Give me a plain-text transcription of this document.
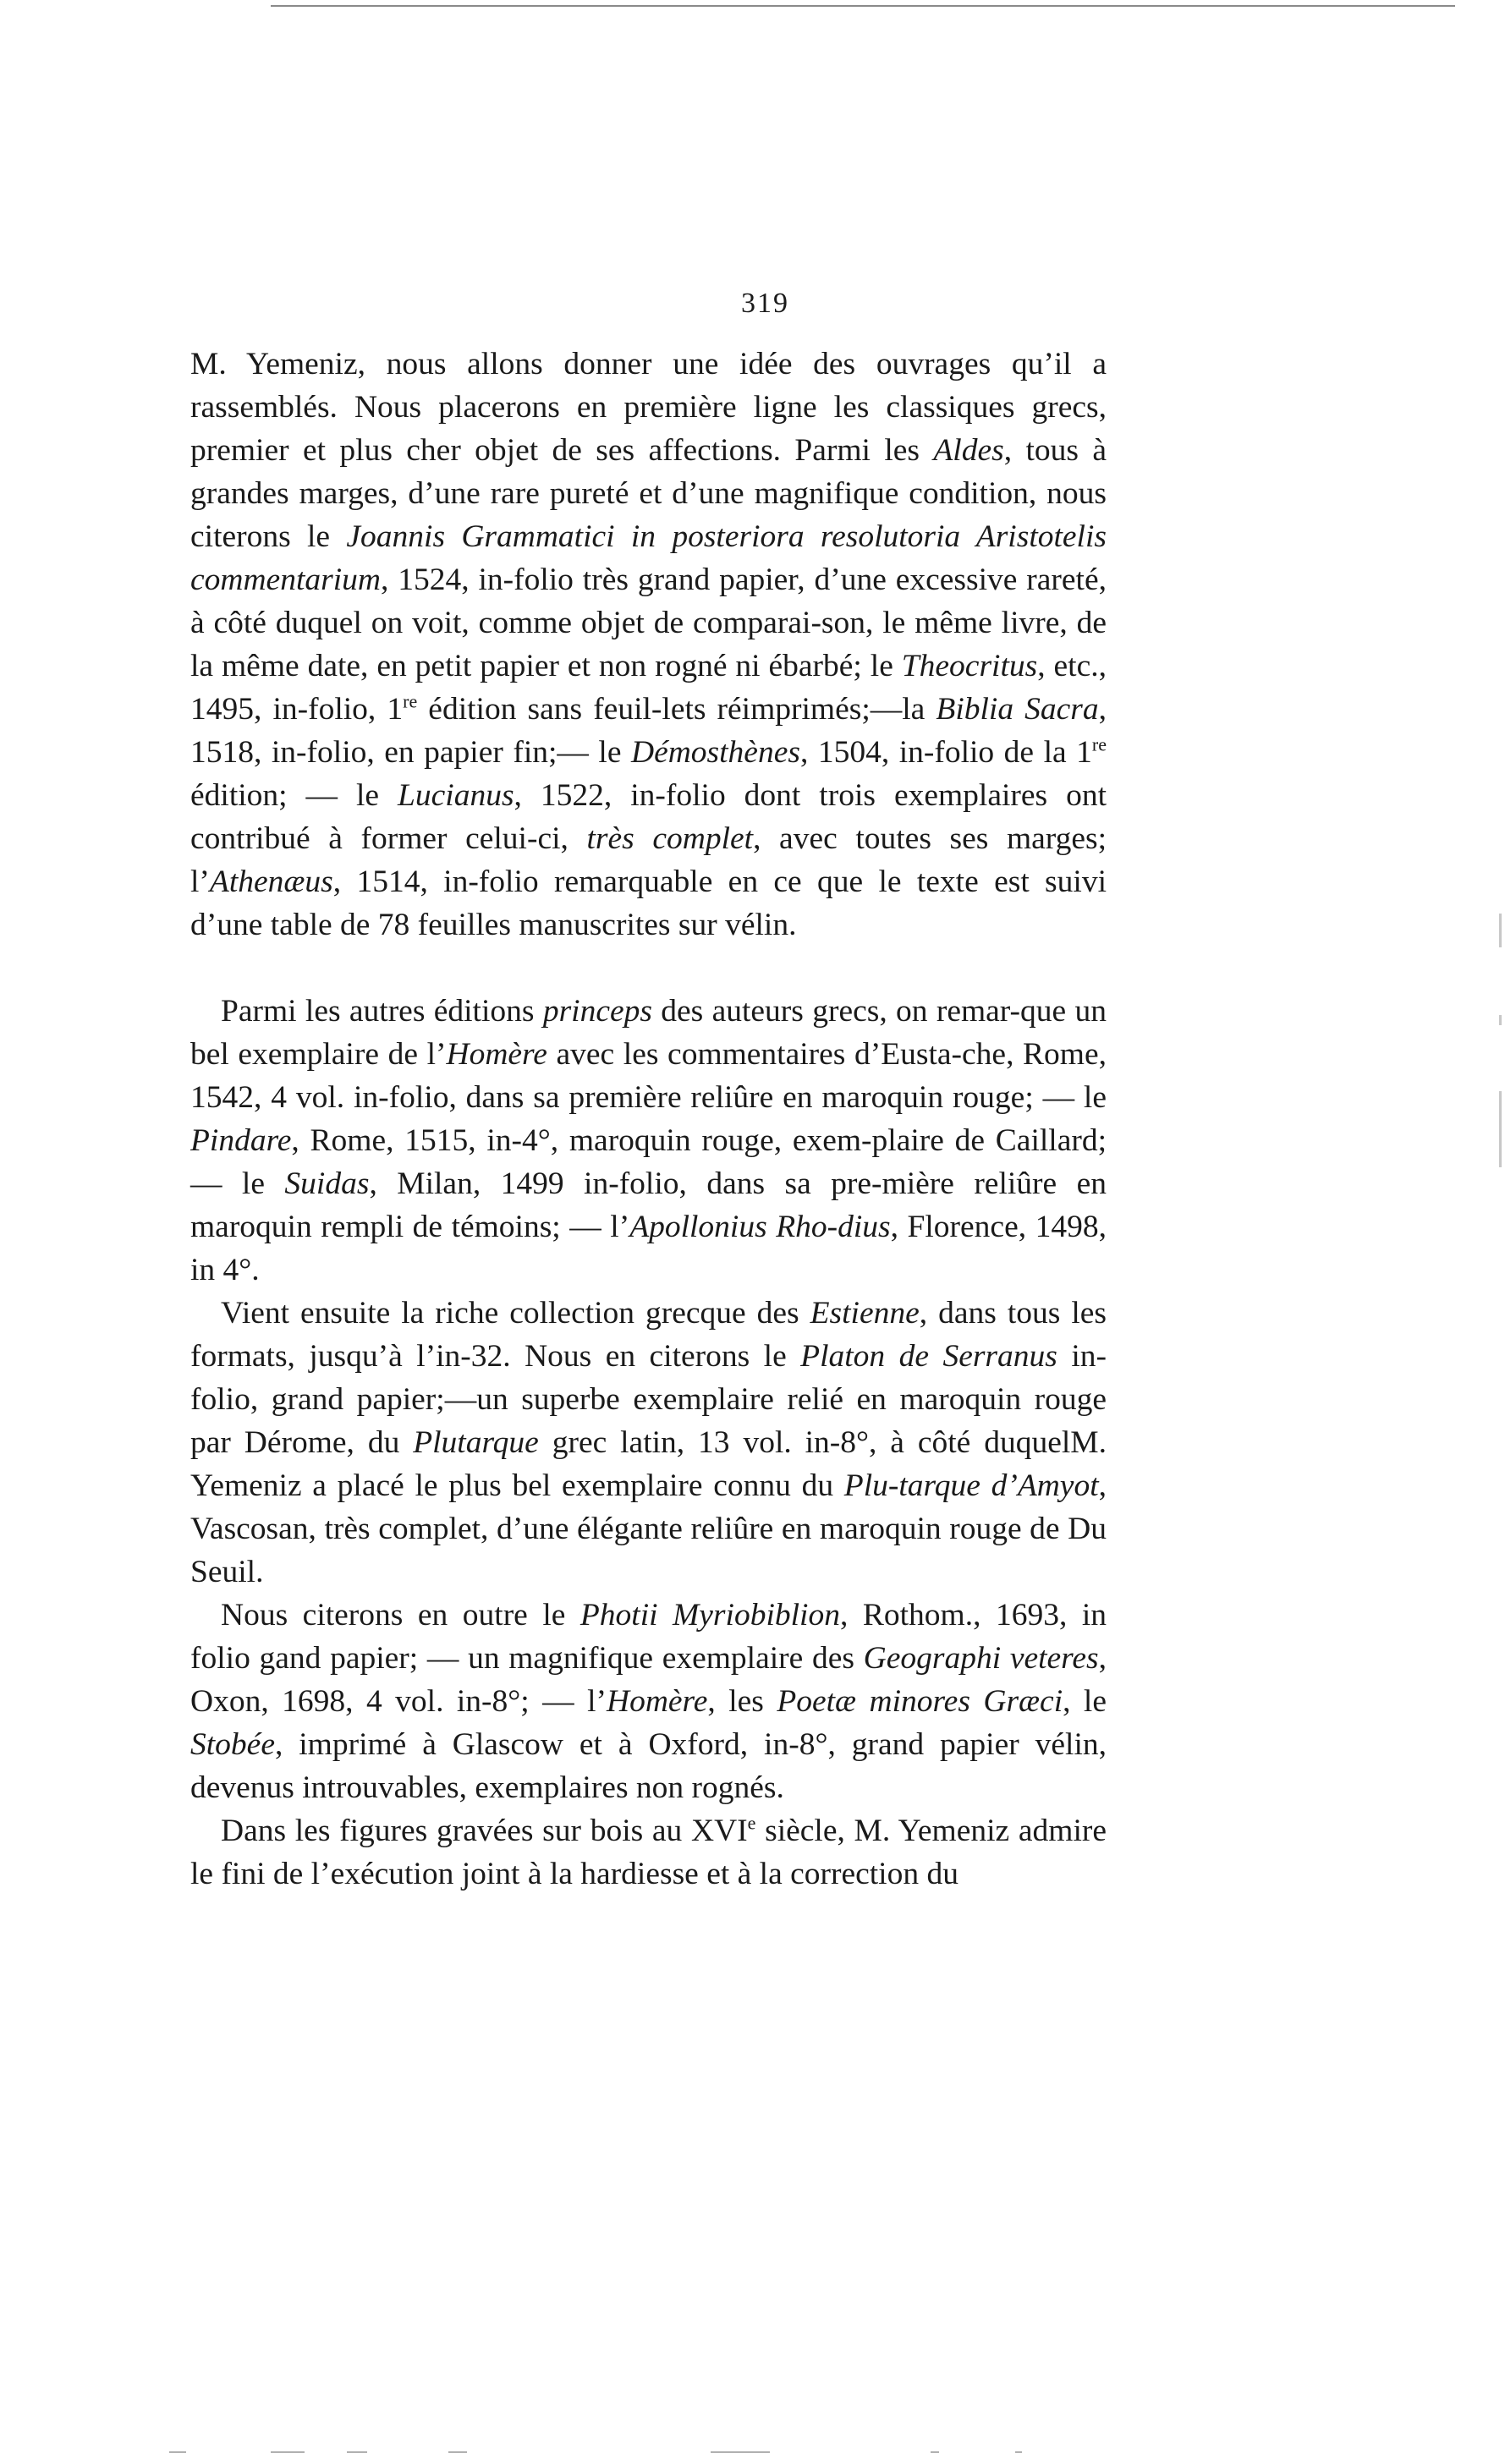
319

M. Yemeniz, nous allons donner une idée des ouvrages qu’il a rassemblés. Nous placerons en première ligne les classiques grecs, premier et plus cher objet de ses affections. Parmi les Aldes, tous à grandes marges, d’une rare pureté et d’une magnifique condition, nous citerons le Joannis Grammatici in posteriora resolutoria Aristotelis commentarium, 1524, in-folio très grand papier, d’une excessive rareté, à côté duquel on voit, comme objet de comparai-son, le même livre, de la même date, en petit papier et non rogné ni ébarbé; le Theocritus, etc., 1495, in-folio, 1re édition sans feuil-lets réimprimés;—la Biblia Sacra, 1518, in-folio, en papier fin;— le Démosthènes, 1504, in-folio de la 1re édition; — le Lucianus, 1522, in-folio dont trois exemplaires ont contribué à former celui-ci, très complet, avec toutes ses marges; l’Athenæus, 1514, in-folio remarquable en ce que le texte est suivi d’une table de 78 feuilles manuscrites sur vélin.

Parmi les autres éditions princeps des auteurs grecs, on remar-que un bel exemplaire de l’Homère avec les commentaires d’Eusta-che, Rome, 1542, 4 vol. in-folio, dans sa première reliûre en maroquin rouge; — le Pindare, Rome, 1515, in-4°, maroquin rouge, exem-plaire de Caillard; — le Suidas, Milan, 1499 in-folio, dans sa pre-mière reliûre en maroquin rempli de témoins; — l’Apollonius Rho-dius, Florence, 1498, in 4°.

Vient ensuite la riche collection grecque des Estienne, dans tous les formats, jusqu’à l’in-32. Nous en citerons le Platon de Serranus in-folio, grand papier;—un superbe exemplaire relié en maroquin rouge par Dérome, du Plutarque grec latin, 13 vol. in-8°, à côté duquelM. Yemeniz a placé le plus bel exemplaire connu du Plu-tarque d’Amyot, Vascosan, très complet, d’une élégante reliûre en maroquin rouge de Du Seuil.

Nous citerons en outre le Photii Myriobiblion, Rothom., 1693, in folio gand papier; — un magnifique exemplaire des Geographi veteres, Oxon, 1698, 4 vol. in-8°; — l’Homère, les Poetæ minores Græci, le Stobée, imprimé à Glascow et à Oxford, in-8°, grand papier vélin, devenus introuvables, exemplaires non rognés.

Dans les figures gravées sur bois au XVIe siècle, M. Yemeniz admire le fini de l’exécution joint à la hardiesse et à la correction du
